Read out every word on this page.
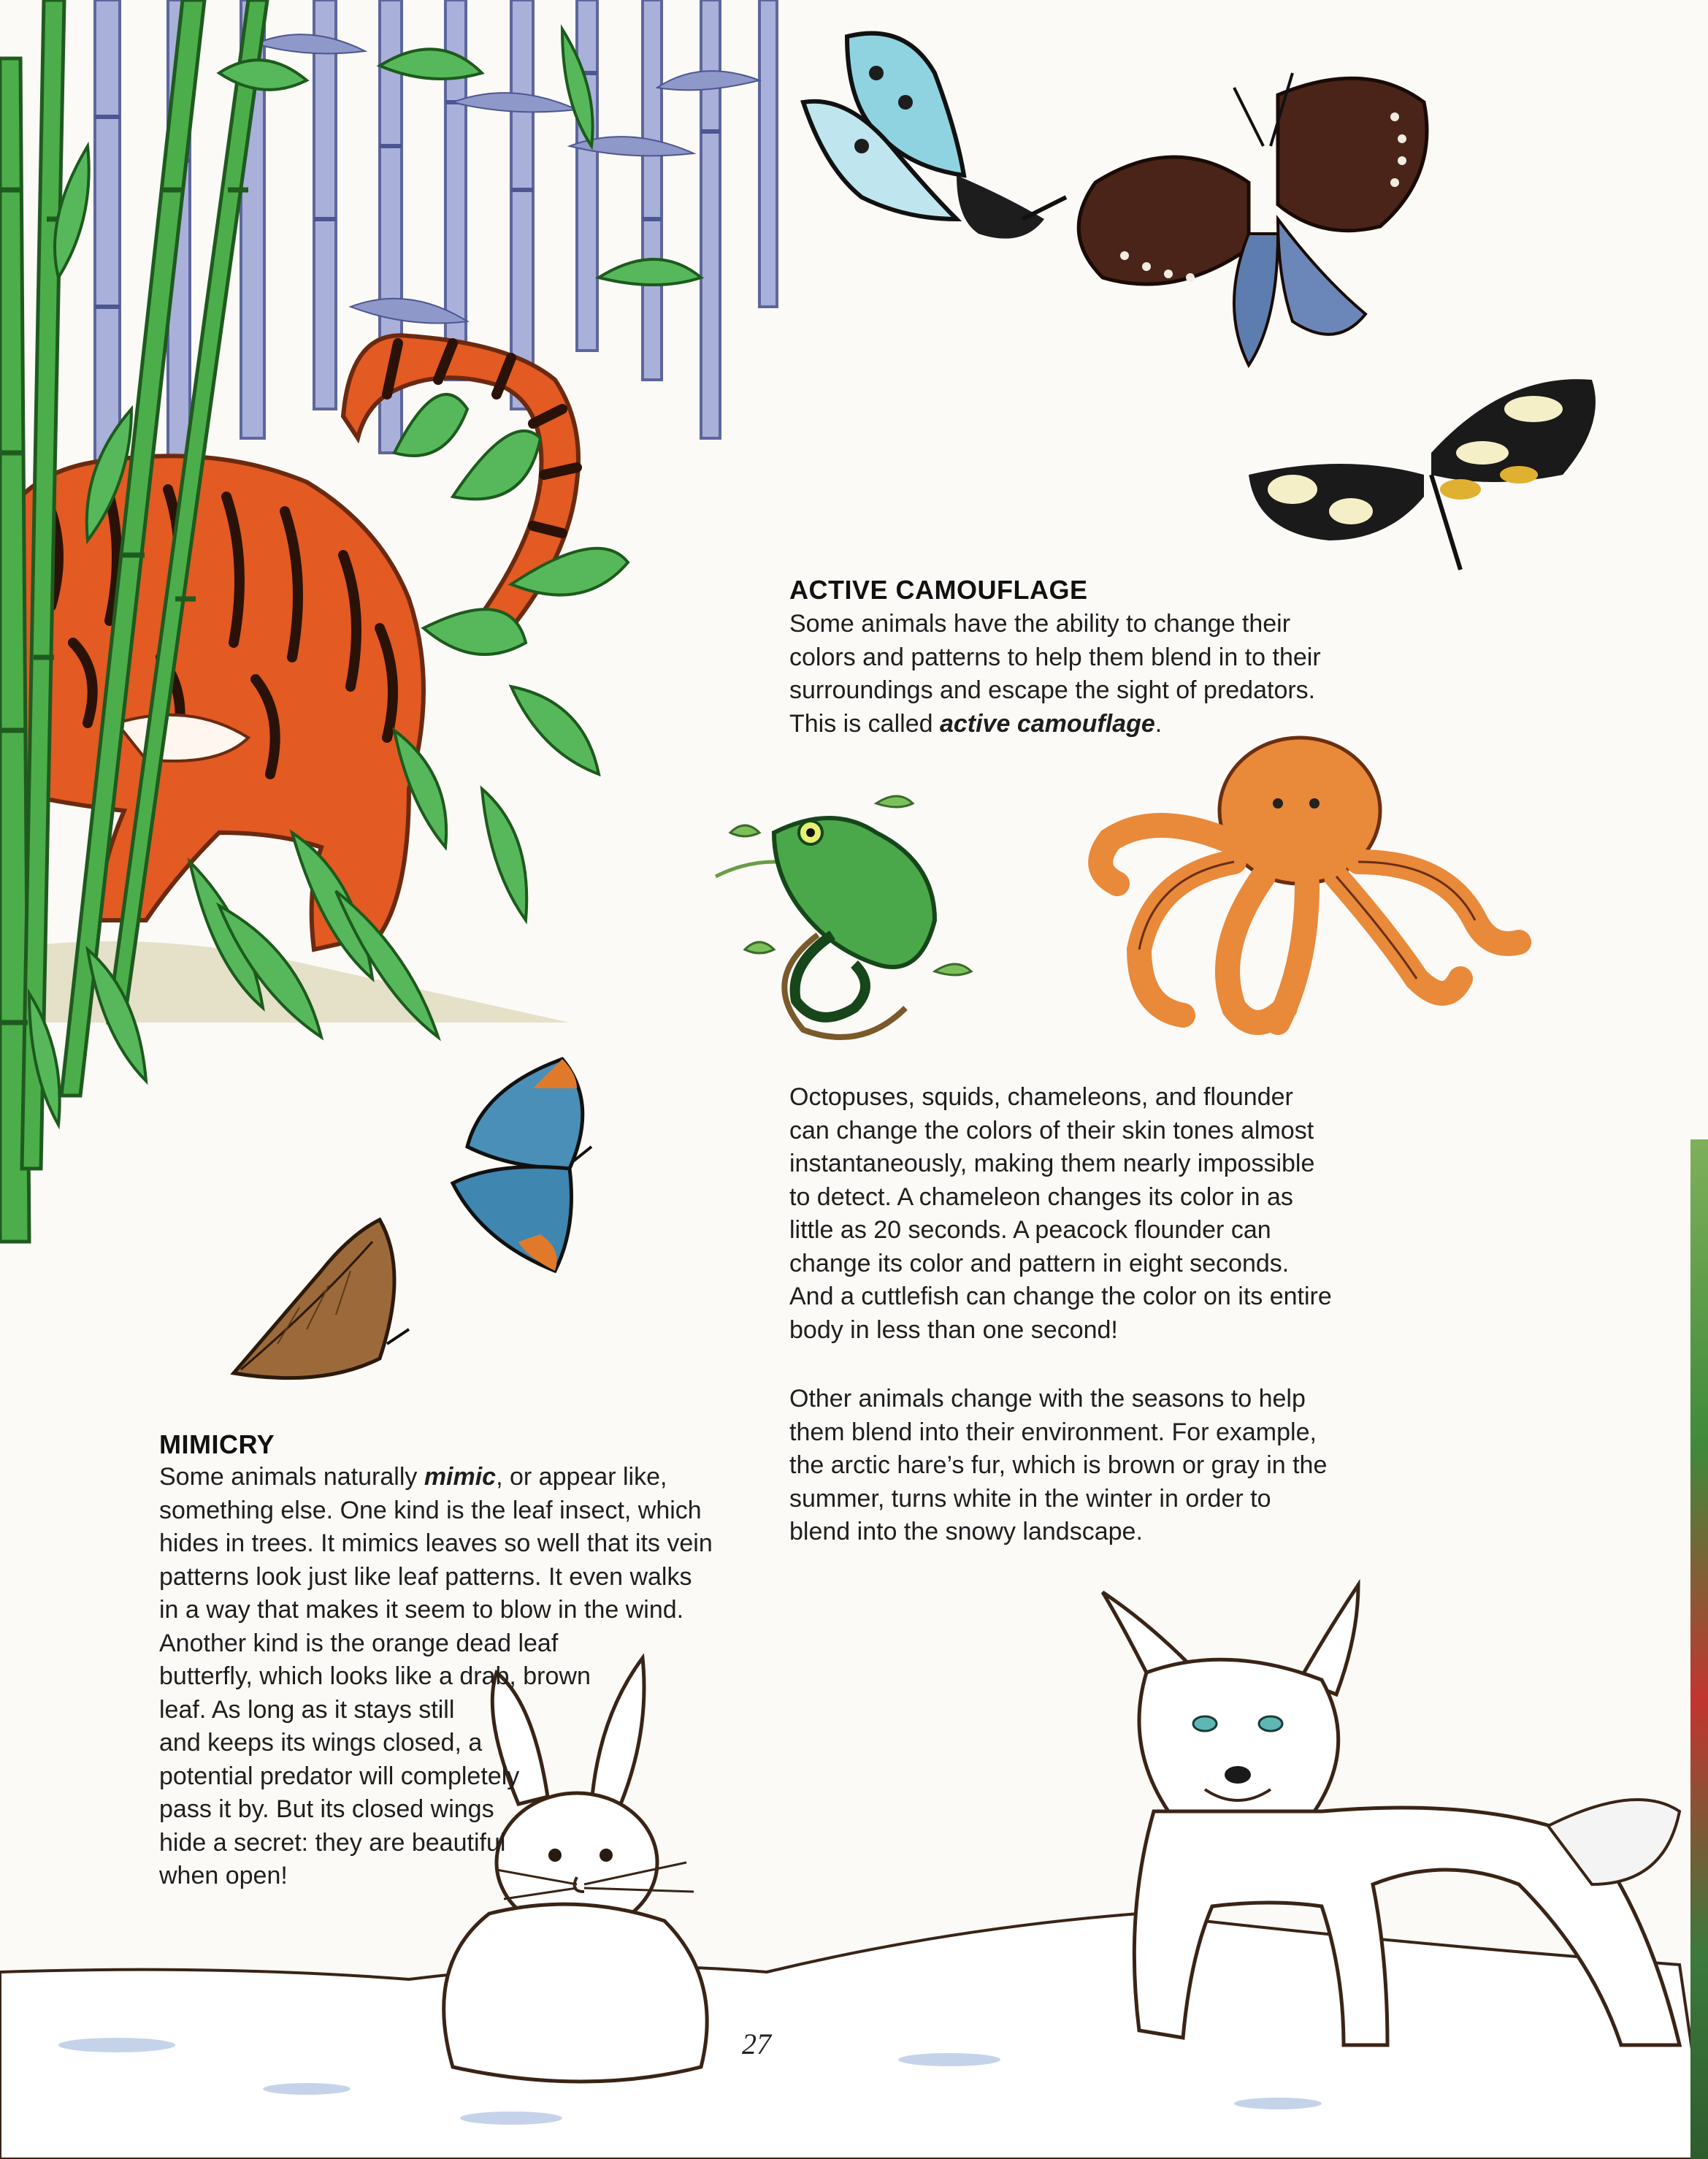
ACTIVE CAMOUFLAGE
Some animals have the ability to change their
colors and patterns to help them blend in to their
surroundings and escape the sight of predators.
This is called active camouflage.
Octopuses, squids, chameleons, and flounder
can change the colors of their skin tones almost
instantaneously, making them nearly impossible
to detect. A chameleon changes its color in as
little as 20 seconds. A peacock flounder can
change its color and pattern in eight seconds.
And a cuttlefish can change the color on its entire
body in less than one second!
Other animals change with the seasons to help
them blend into their environment. For example,
the arctic hare’s fur, which is brown or gray in the
summer, turns white in the winter in order to
blend into the snowy landscape.
MIMICRY
Some animals naturally mimic, or appear like,
something else. One kind is the leaf insect, which
hides in trees. It mimics leaves so well that its vein
patterns look just like leaf patterns. It even walks
in a way that makes it seem to blow in the wind.
Another kind is the orange dead leaf
butterfly, which looks like a drab, brown
leaf. As long as it stays still
and keeps its wings closed, a
potential predator will completely
pass it by. But its closed wings
hide a secret: they are beautiful
when open!
27
